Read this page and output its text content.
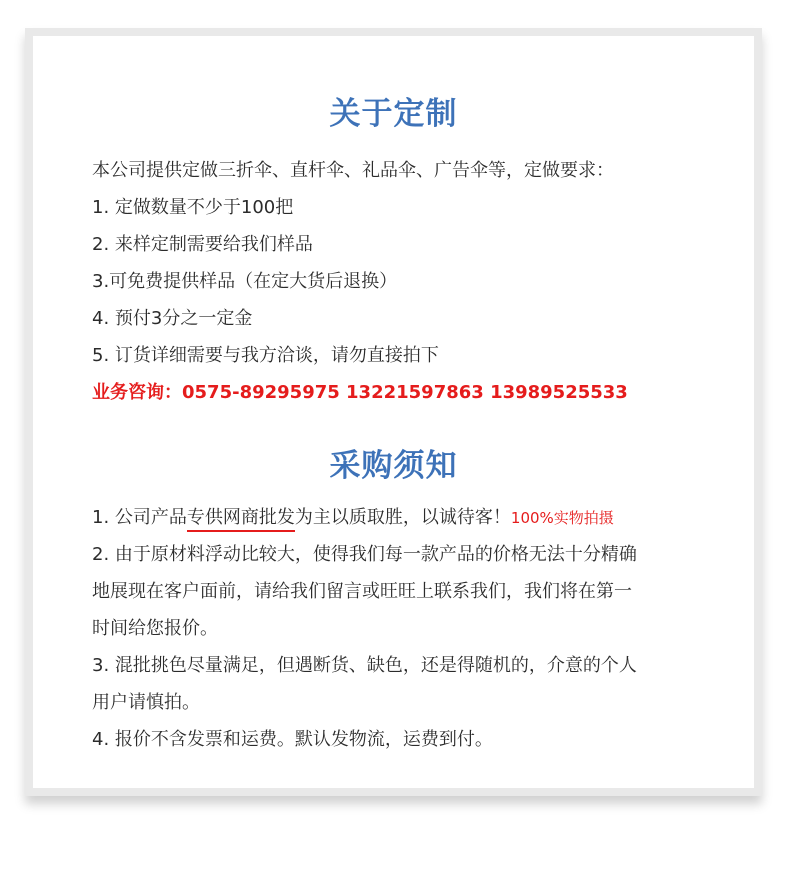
关于定制
本公司提供定做三折伞、直杆伞、礼品伞、广告伞等，定做要求：
1. 定做数量不少于100把
2. 来样定制需要给我们样品
3.可免费提供样品（在定大货后退换）
4. 预付3分之一定金
5. 订货详细需要与我方洽谈，请勿直接拍下
业务咨询：0575-89295975 13221597863 13989525533
采购须知
1. 公司产品专供网商批发为主以质取胜，以诚待客！100%实物拍摄
2. 由于原材料浮动比较大，使得我们每一款产品的价格无法十分精确
地展现在客户面前，请给我们留言或旺旺上联系我们，我们将在第一
时间给您报价。
3. 混批挑色尽量满足，但遇断货、缺色，还是得随机的，介意的个人
用户请慎拍。
4. 报价不含发票和运费。默认发物流，运费到付。
